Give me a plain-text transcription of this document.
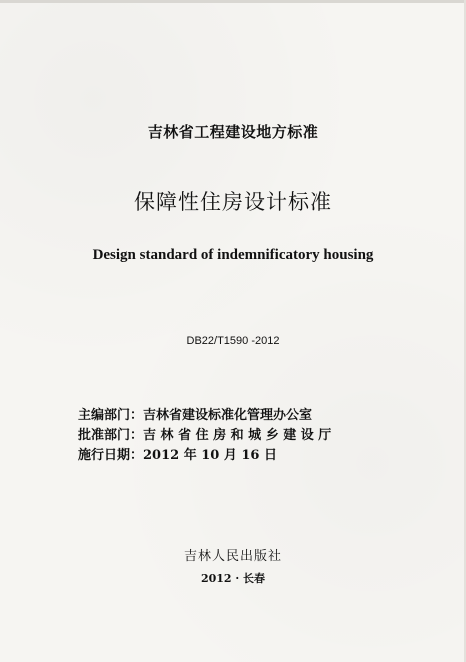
吉林省工程建设地方标准
保障性住房设计标准
Design standard of indemnificatory housing
DB22/T1590 -2012
主编部门：吉林省建设标准化管理办公室
批准部门：吉 林 省 住 房 和 城 乡 建 设 厅
施行日期：2012 年 10 月 16 日
吉林人民出版社
2012 · 长春
